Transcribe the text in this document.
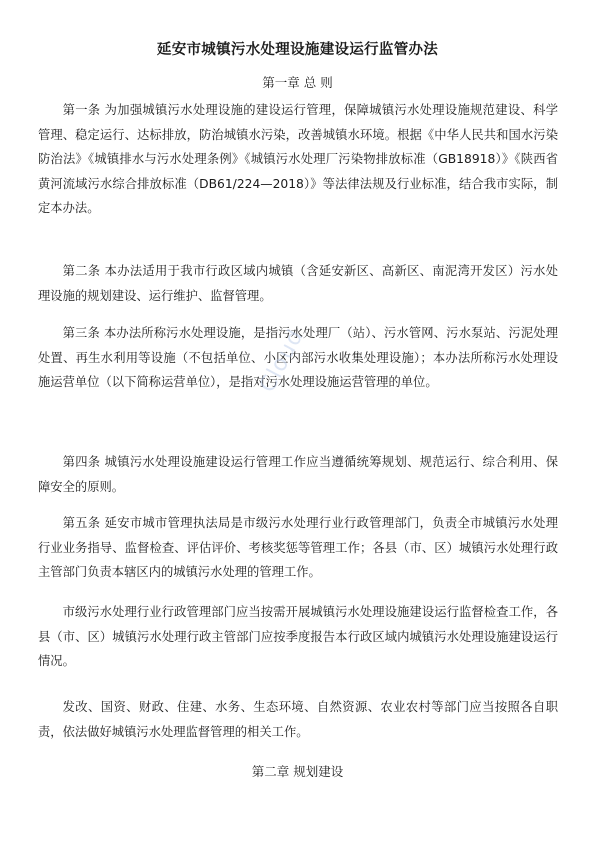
延安市城镇污水处理设施建设运行监管办法
第一章 总 则

第一条 为加强城镇污水处理设施的建设运行管理，保障城镇污水处理设施规范建设、科学管理、稳定运行、达标排放，防治城镇水污染，改善城镇水环境。根据《中华人民共和国水污染防治法》《城镇排水与污水处理条例》《城镇污水处理厂污染物排放标准（GB18918）》《陕西省黄河流域污水综合排放标准（DB61/224—2018）》等法律法规及行业标准，结合我市实际，制定本办法。

第二条 本办法适用于我市行政区域内城镇（含延安新区、高新区、南泥湾开发区）污水处理设施的规划建设、运行维护、监督管理。

第三条 本办法所称污水处理设施，是指污水处理厂（站）、污水管网、污水泵站、污泥处理处置、再生水利用等设施（不包括单位、小区内部污水收集处理设施）；本办法所称污水处理设施运营单位（以下简称运营单位），是指对污水处理设施运营管理的单位。

第四条 城镇污水处理设施建设运行管理工作应当遵循统筹规划、规范运行、综合利用、保障安全的原则。

第五条 延安市城市管理执法局是市级污水处理行业行政管理部门，负责全市城镇污水处理行业业务指导、监督检查、评估评价、考核奖惩等管理工作；各县（市、区）城镇污水处理行政主管部门负责本辖区内的城镇污水处理的管理工作。

市级污水处理行业行政管理部门应当按需开展城镇污水处理设施建设运行监督检查工作，各县（市、区）城镇污水处理行政主管部门应按季度报告本行政区域内城镇污水处理设施建设运行情况。

发改、国资、财政、住建、水务、生态环境、自然资源、农业农村等部门应当按照各自职责，依法做好城镇污水处理监督管理的相关工作。

第二章 规划建设
Cloud
